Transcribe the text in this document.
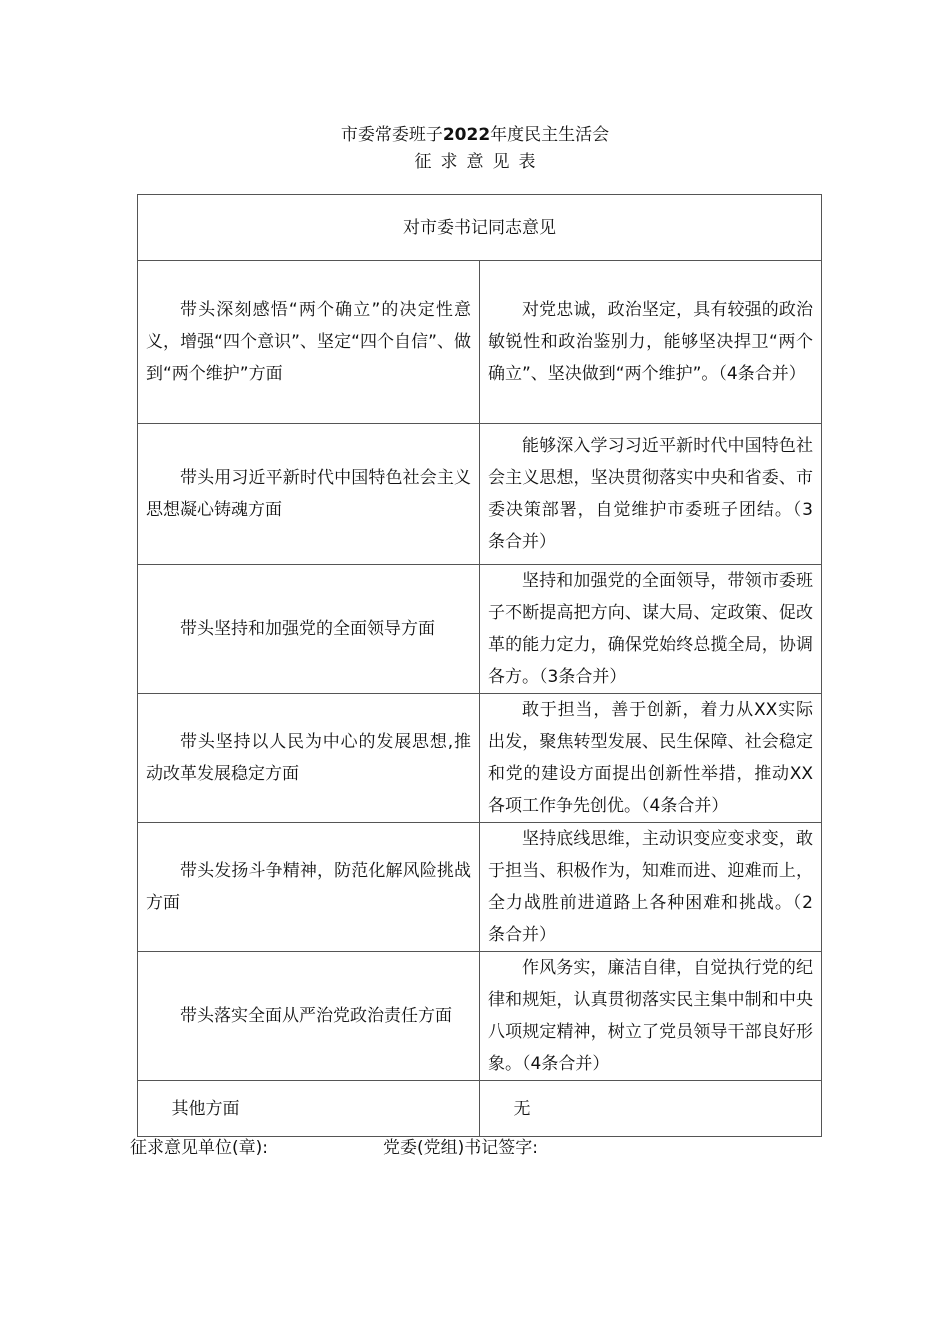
市委常委班子2022年度民主生活会
征求意见表
对市委书记同志意见	
带头深刻感悟“两个确立”的决定性意义，增强“四个意识”、坚定“四个自信”、做到“两个维护”方面	对党忠诚，政治坚定，具有较强的政治敏锐性和政治鉴别力，能够坚决捍卫“两个确立”、坚决做到“两个维护”。（4条合并）
带头用习近平新时代中国特色社会主义思想凝心铸魂方面	能够深入学习习近平新时代中国特色社会主义思想，坚决贯彻落实中央和省委、市委决策部署，自觉维护市委班子团结。（3条合并）
带头坚持和加强党的全面领导方面	坚持和加强党的全面领导，带领市委班子不断提高把方向、谋大局、定政策、促改革的能力定力，确保党始终总揽全局，协调各方。（3条合并）
带头坚持以人民为中心的发展思想,推动改革发展稳定方面	敢于担当，善于创新，着力从XX实际出发，聚焦转型发展、民生保障、社会稳定和党的建设方面提出创新性举措，推动XX各项工作争先创优。（4条合并）
带头发扬斗争精神，防范化解风险挑战方面	坚持底线思维，主动识变应变求变，敢于担当、积极作为，知难而进、迎难而上，全力战胜前进道路上各种困难和挑战。（2条合并）
带头落实全面从严治党政治责任方面	作风务实，廉洁自律，自觉执行党的纪律和规矩，认真贯彻落实民主集中制和中央八项规定精神，树立了党员领导干部良好形象。（4条合并）
其他方面	无
征求意见单位(章):	党委(党组)书记签字:
